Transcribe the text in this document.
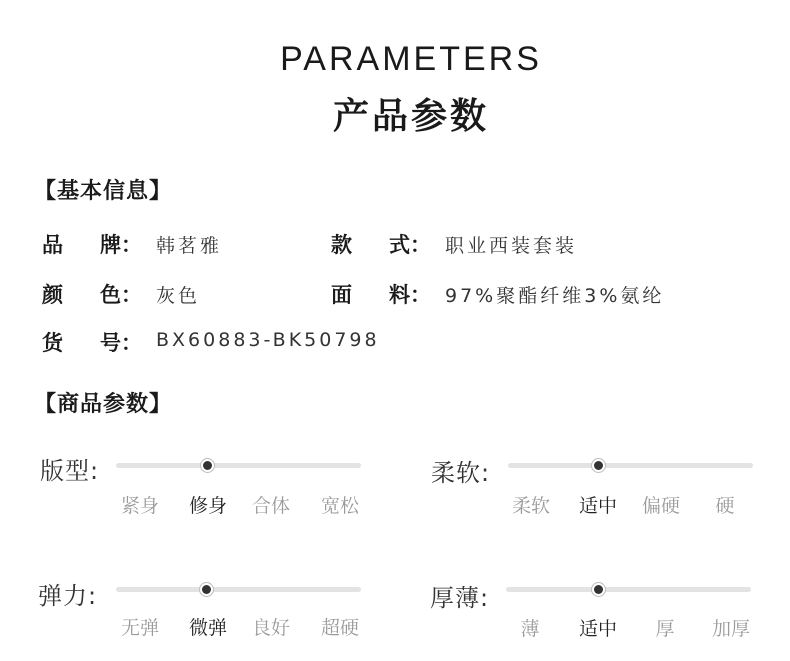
PARAMETERS
产品参数
【基本信息】
品 牌： 韩茗雅	款 式： 职业西装套装
颜 色： 灰色	面 料： 97%聚酯纤维3%氨纶
货 号： BX60883-BK50798
【商品参数】
版型:
紧身	修身	合体	宽松
柔软:
柔软	适中	偏硬	硬
弹力:
无弹	微弹	良好	超硬
厚薄:
薄	适中	厚	加厚
